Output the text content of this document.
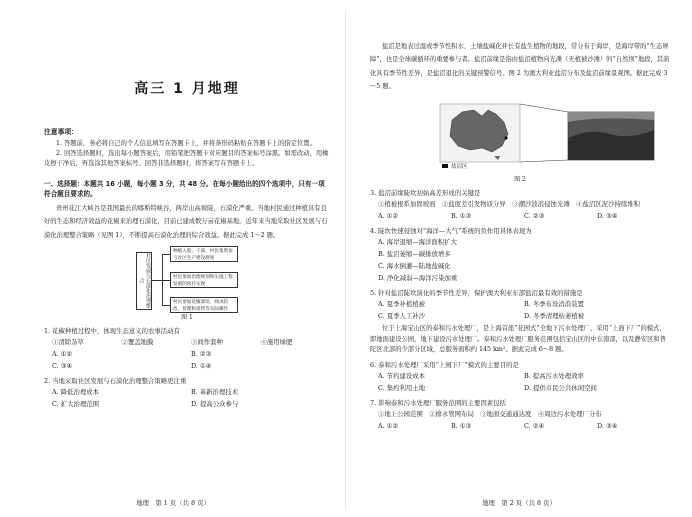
高三 1 月地理
注意事项：
1. 答题前，务必将自己的个人信息填写在答题卡上，并将条形码粘贴在答题卡上的指定位置。
2. 回答选择题时，选出每小题答案后，用铅笔把答题卡对应题目的答案标号涂黑。如需改动，用橡皮擦干净后，再选涂其他答案标号。回答非选择题时，将答案写在答题卡上。
一、选择题：本题共 16 小题，每小题 3 分，共 48 分。在每小题给出的四个选项中，只有一项符合题目要求的。
贵州花江大峡谷是我国最长的喀斯特峡谷，两岸山高坡陡，石漠化严重。当地村民通过种植具有良好的生态和经济效益的花椒来治理石漠化，目前已建成数万亩花椒基地。近年来当地采取社区发展与石漠化治理整合策略（见图 1），不断提高石漠化治理的综合效益。据此完成 1～2 题。
社区发展与石漠化治理整合
种植入股、干部、村民集资参与社区生产建设规划
村民参加治理规划和实施工程发展的项目实现
村民参加花椒栽培、病虫防治、管理和销售等实际操作
图 1
1. 花椒种植过程中，体现生态意义的农事活动有
①清除杂草	②覆盖地膜	③间作套种	④施用绿肥
A. ①②	B. ②③
C. ③④	D. ①④
2. 当地采取社区发展与石漠化治理整合策略更注重
A. 降低治理成本	B. 革新治理技术
C. 扩大治理范围	D. 提高公众参与
地理　第 1 页（共 8 页）
盐沼是地表过湿或季节性积水、土壤盐碱化并长有盐生植物的地段，常分布于海岸，是海岸带的“生态屏障”，也是全球碳循环的重要参与者。盐沼前缘是指由盐沼植物向光滩（无植被沙滩）的“自然坝”地段，其演化具有季节性差异，是盐沼退化的关键预警信号。图 2 为澳大利亚盐沼分布及盐沼前缘景观图。据此完成 3～5 题。
盐沼区
图 2
3. 盐沼前缘陡坎初始高差形成的关键是
①植被根系加固坡面　 ②盐度差引发物质分异　 ③潮沙波浪侵蚀光滩　 ④盐沼区泥沙持续堆积
A. ①②	B. ①③	C. ②③	D. ③④
4. 陡坎快速侵蚀对“海洋—大气”系统的负作用具体表现为
A. 海岸退缩—海洋面积扩大
B. 盐沼萎缩—碳排放增多
C. 海水倒灌—陆地盐碱化
D. 净化减弱—海洋污染加重
5. 针对盐沼陡坎演化的季节性差异，保护澳大利亚东部盐沼最有效的措施是
A. 夏季补植植被	B. 冬季布设消浪装置
C. 夏季人工补沙	D. 冬季清理枯萎植被
位于上海宝山区的泰和污水处理厂，是上海首座“花园式”全地下污水处理厂，采用“上面下厂”的模式，即地面建设公园，地下建设污水处理厂。泰和污水处理厂服务范围包括宝山区的中东南部，以及静安区和普陀区北部的少部分区域，总服务面积约 145 km²。据此完成 6～8 题。
6. 泰和污水处理厂采用“上园下厂”模式的主要目的是
A. 节约建设成本	B. 提高污水处理效率
C. 集约利用土地	D. 提供市民公共休闲空间
7. 影响泰和污水处理厂服务范围的主要因素包括
①地上公园范围　 ②排水管网布局　 ③地面交通通达度　 ④周边污水处理厂分布
A. ①②	B. ①③	C. ②④	D. ③④
地理　第 2 页（共 8 页）
